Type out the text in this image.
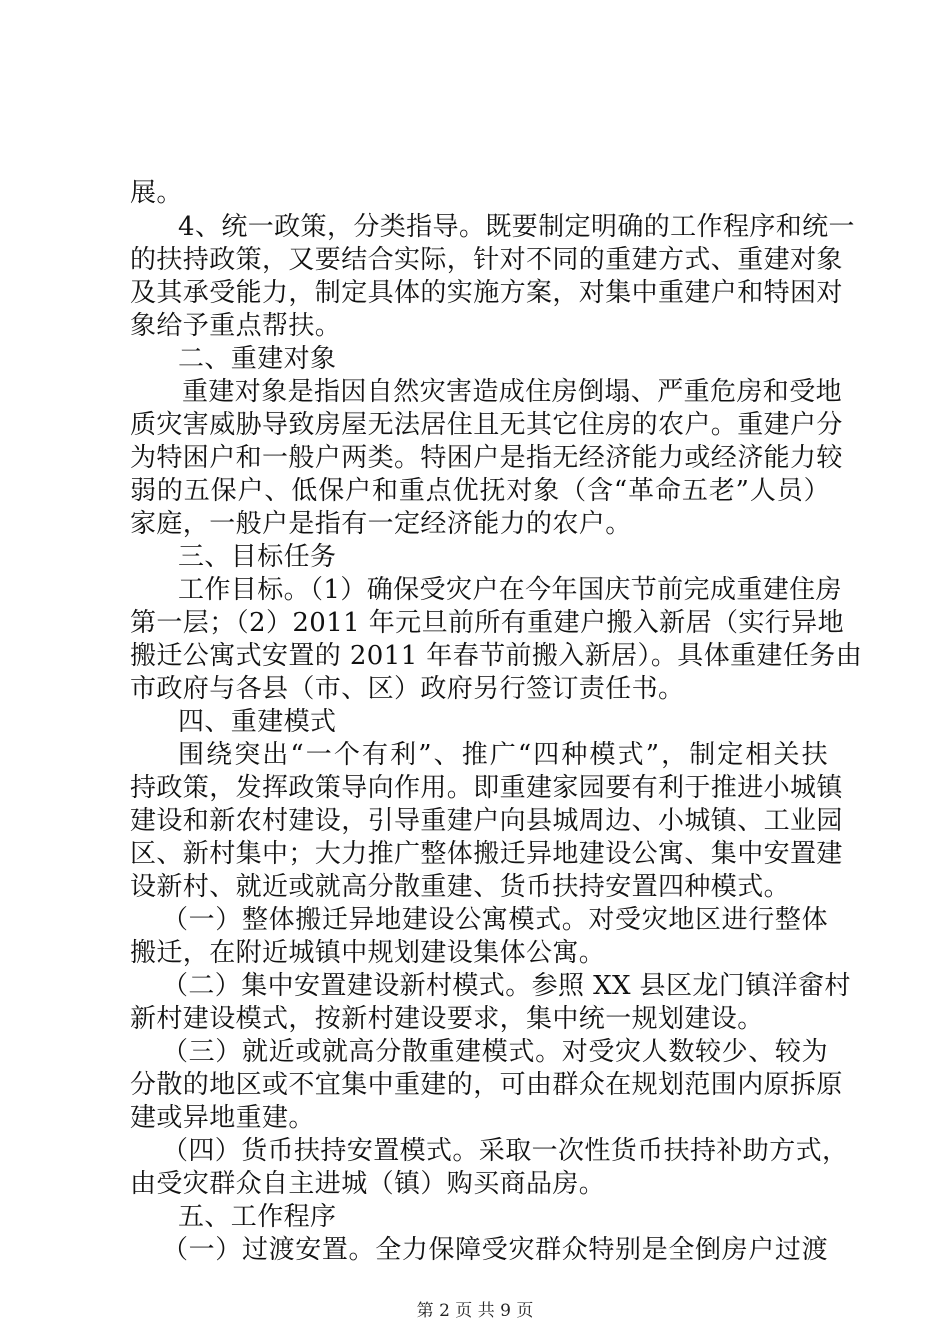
展。
4、统一政策，分类指导。既要制定明确的工作程序和统一
的扶持政策，又要结合实际，针对不同的重建方式、重建对象
及其承受能力，制定具体的实施方案，对集中重建户和特困对
象给予重点帮扶。
二、重建对象
重建对象是指因自然灾害造成住房倒塌、严重危房和受地
质灾害威胁导致房屋无法居住且无其它住房的农户。重建户分
为特困户和一般户两类。特困户是指无经济能力或经济能力较
弱的五保户、低保户和重点优抚对象（含“革命五老”人员）
家庭，一般户是指有一定经济能力的农户。
三、目标任务
工作目标。（1）确保受灾户在今年国庆节前完成重建住房
第一层；（2）2011 年元旦前所有重建户搬入新居（实行异地
搬迁公寓式安置的 2011 年春节前搬入新居）。具体重建任务由
市政府与各县（市、区）政府另行签订责任书。
四、重建模式
围绕突出“一个有利”、推广“四种模式”，制定相关扶
持政策，发挥政策导向作用。即重建家园要有利于推进小城镇
建设和新农村建设，引导重建户向县城周边、小城镇、工业园
区、新村集中；大力推广整体搬迁异地建设公寓、集中安置建
设新村、就近或就高分散重建、货币扶持安置四种模式。
（一）整体搬迁异地建设公寓模式。对受灾地区进行整体
搬迁，在附近城镇中规划建设集体公寓。
（二）集中安置建设新村模式。参照 XX 县区龙门镇洋畲村
新村建设模式，按新村建设要求，集中统一规划建设。
（三）就近或就高分散重建模式。对受灾人数较少、较为
分散的地区或不宜集中重建的，可由群众在规划范围内原拆原
建或异地重建。
（四）货币扶持安置模式。采取一次性货币扶持补助方式，
由受灾群众自主进城（镇）购买商品房。
五、工作程序
（一）过渡安置。全力保障受灾群众特别是全倒房户过渡
第 2 页 共 9 页
